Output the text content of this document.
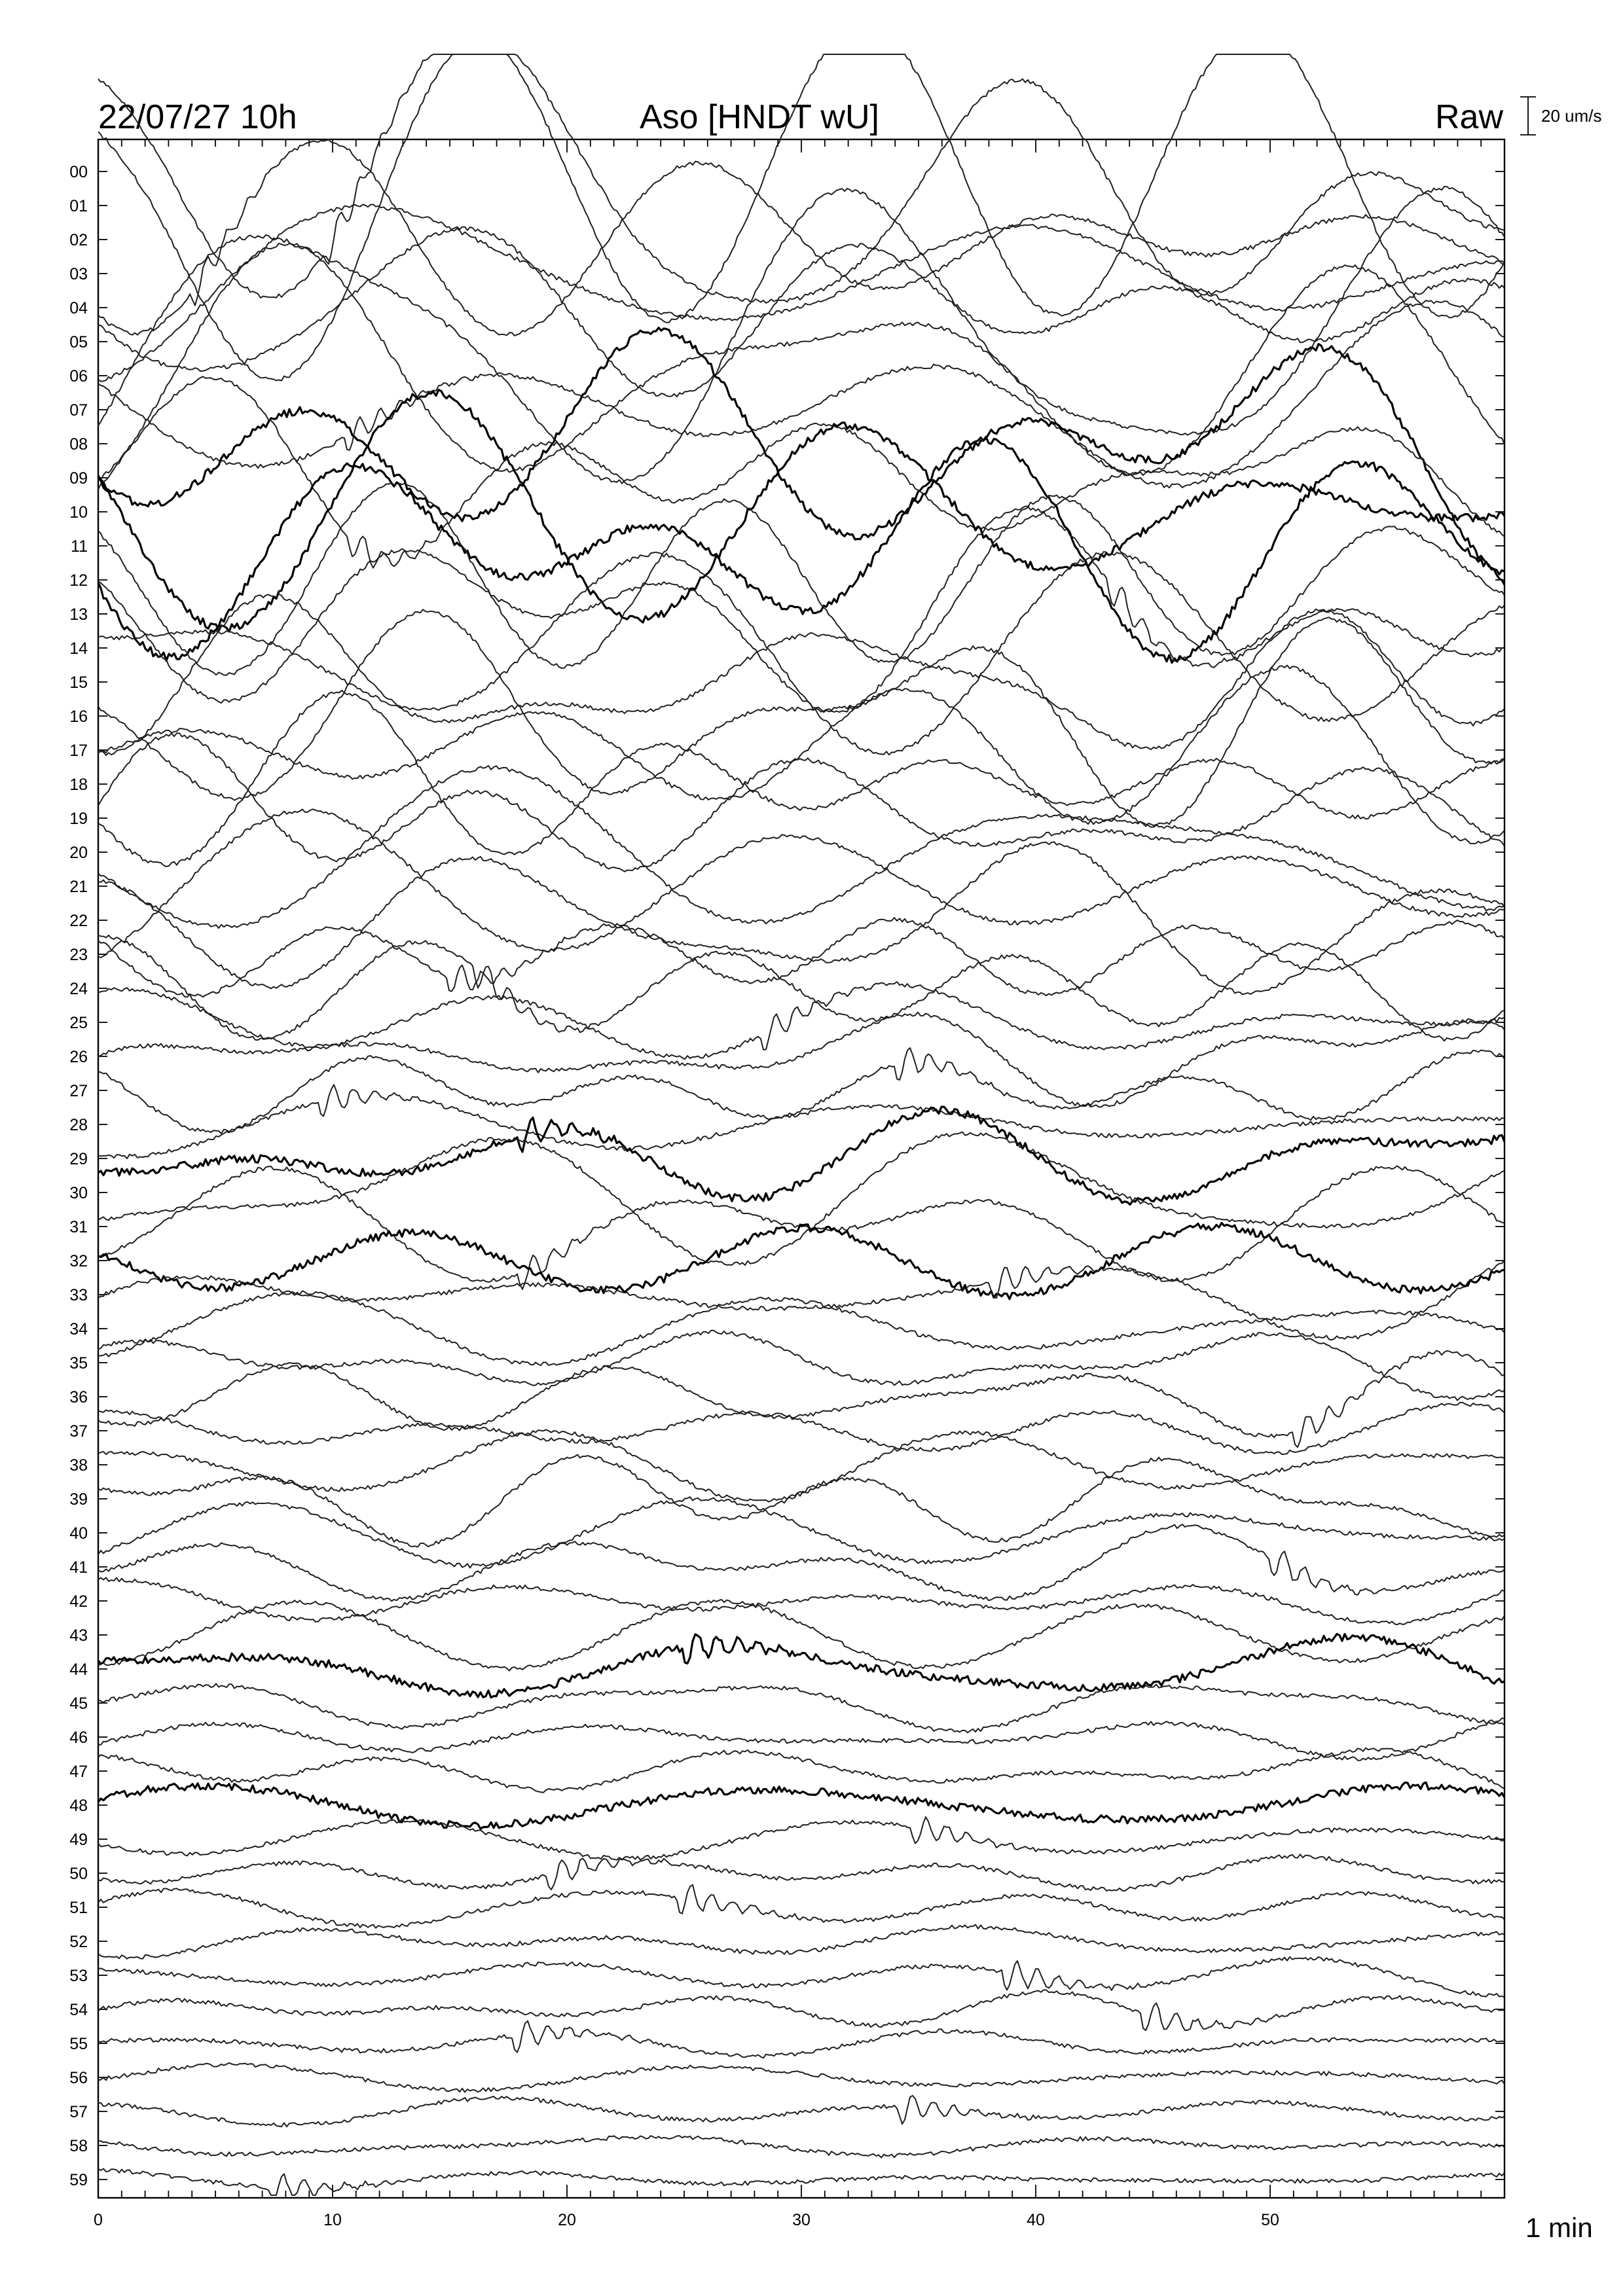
22/07/27 10h	Aso [HNDT wU]	Raw 20 um/s
00
01
02
03
04
05
06
07
08
09
10
11
12
13
14
15
16
17
18
19
20
21
22
23
24
25
26
27
28
29
30
31
32
33
34
35
36
37
38
39
40
41
42
43
44
45
46
47
48
49
50
51
52
53
54
55
56
57
58
59
0	10	20	30	40	50	1 min
